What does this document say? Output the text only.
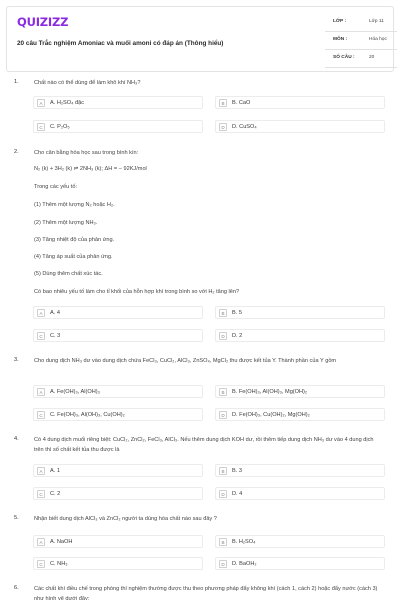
QUIZIZZ
20 câu Trắc nghiệm Amoniac và muối amoni có đáp án (Thông hiểu)
LỚP :	Lớp 11
MÔN :	Hóa học
SỐ CÂU :	20
1.	Chất nào có thể dùng để làm khô khí NH₃?
A	A. H₂SO₄ đặc	B	B. CaO
C	C. P₂O₅	D	D. CuSO₄
2.	Cho cân bằng hóa học sau trong bình kín:
N₂ (k) + 3H₂ (k) ⇌ 2NH₃ (k); ΔH = − 92KJ/mol
Trong các yếu tố:
(1) Thêm một lượng N₂ hoặc H₂.
(2) Thêm một lượng NH₃.
(3) Tăng nhiệt độ của phản ứng.
(4) Tăng áp suất của phản ứng.
(5) Dùng thêm chất xúc tác.
Có bao nhiêu yếu tố làm cho tỉ khối của hỗn hợp khí trong bình so với H₂ tăng lên?
A	A. 4	B	B. 5
C	C. 3	D	D. 2
3.	Cho dung dịch NH₃ dư vào dung dịch chứa FeCl₃, CuCl₂, AlCl₃, ZnSO₄, MgCl₂ thu được kết tủa Y. Thành phần của Y gồm
A	A. Fe(OH)₃, Al(OH)₃	B	B. Fe(OH)₃, Al(OH)₃, Mg(OH)₂
C	C. Fe(OH)₃, Al(OH)₃, Cu(OH)₂	D	D. Fe(OH)₃, Cu(OH)₂, Mg(OH)₂
4.	Có 4 dung dịch muối riêng biệt: CuCl₂, ZnCl₂, FeCl₃, AlCl₃. Nếu thêm dung dịch KOH dư, rồi thêm tiếp dung dịch NH₃ dư vào 4 dung dịch trên thì số chất kết tủa thu được là
A	A. 1	B	B. 3
C	C. 2	D	D. 4
5.	Nhận biết dung dịch AlCl₃ và ZnCl₂ người ta dùng hóa chất nào sau đây ?
A	A. NaOH	B	B. H₂SO₄
C	C. NH₃	D	D. BaOH₂
6.	Các chất khí điều chế trong phòng thí nghiệm thường được thu theo phương pháp đẩy không khí (cách 1, cách 2) hoặc đẩy nước (cách 3) như hình vẽ dưới đây:
